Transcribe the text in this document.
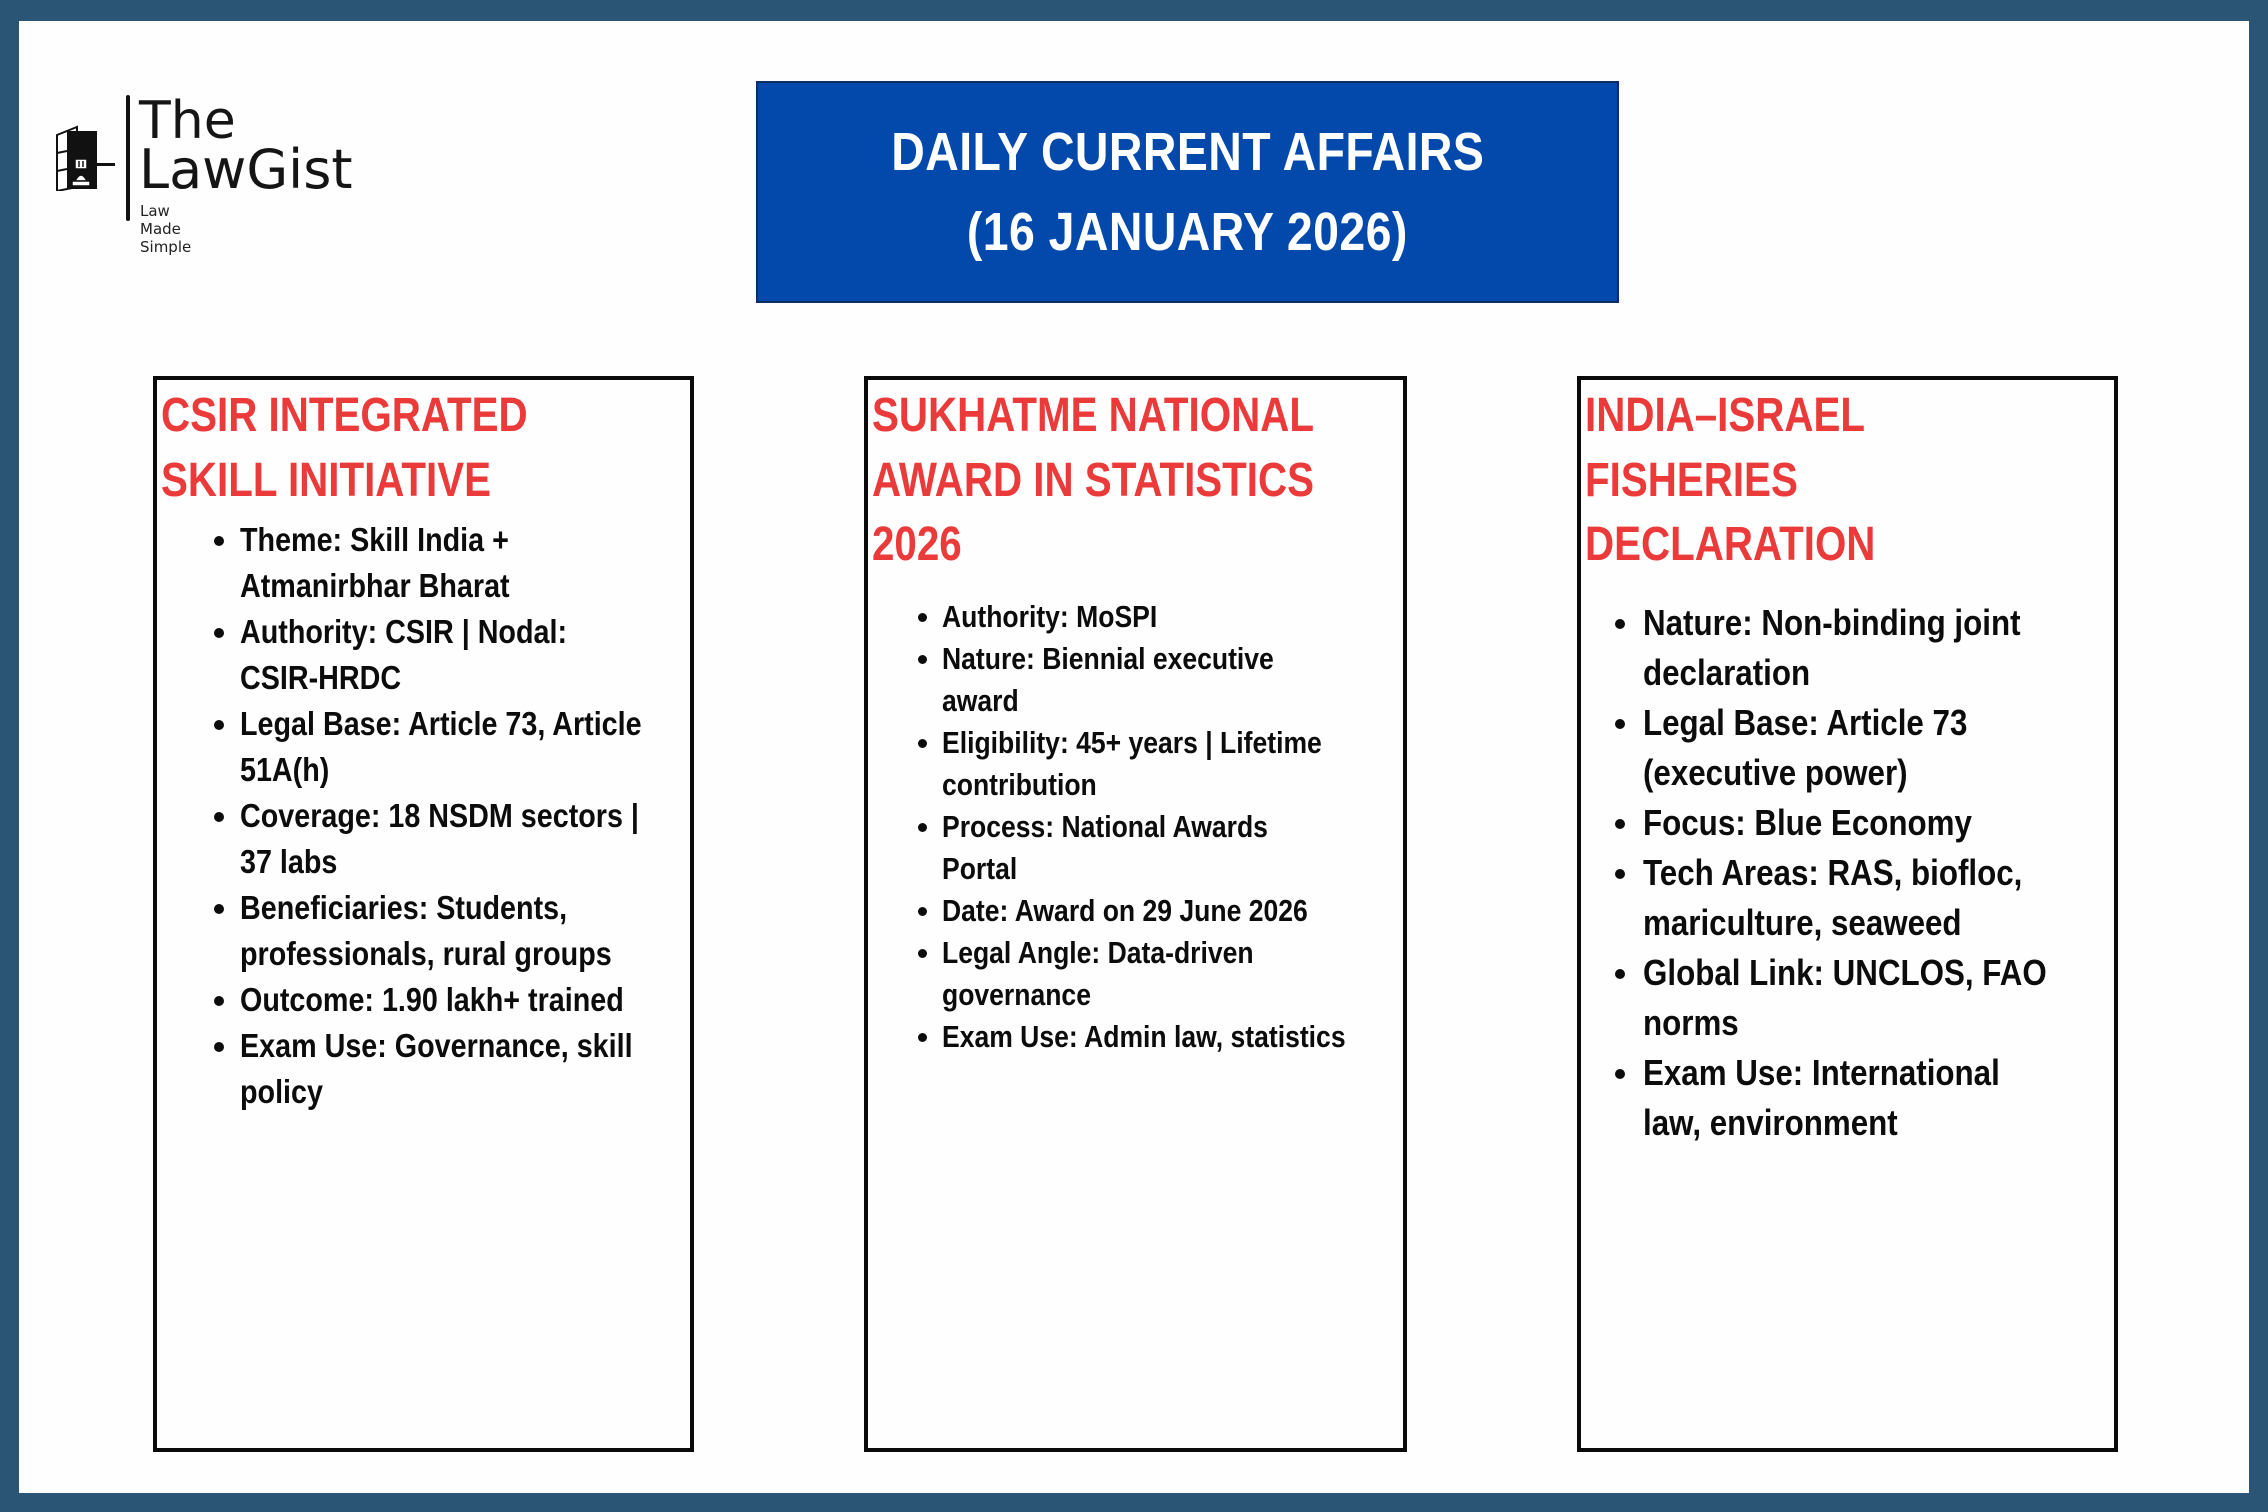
The
LawGist
Law Made Simple
DAILY CURRENT AFFAIRS
(16 JANUARY 2026)
CSIR INTEGRATED
SKILL INITIATIVE
Theme: Skill India +
Atmanirbhar Bharat
Authority: CSIR | Nodal:
CSIR-HRDC
Legal Base: Article 73, Article
51A(h)
Coverage: 18 NSDM sectors |
37 labs
Beneficiaries: Students,
professionals, rural groups
Outcome: 1.90 lakh+ trained
Exam Use: Governance, skill
policy
SUKHATME NATIONAL
AWARD IN STATISTICS
2026
Authority: MoSPI
Nature: Biennial executive
award
Eligibility: 45+ years | Lifetime
contribution
Process: National Awards
Portal
Date: Award on 29 June 2026
Legal Angle: Data-driven
governance
Exam Use: Admin law, statistics
INDIA–ISRAEL
FISHERIES
DECLARATION
Nature: Non-binding joint
declaration
Legal Base: Article 73
(executive power)
Focus: Blue Economy
Tech Areas: RAS, biofloc,
mariculture, seaweed
Global Link: UNCLOS, FAO
norms
Exam Use: International
law, environment
